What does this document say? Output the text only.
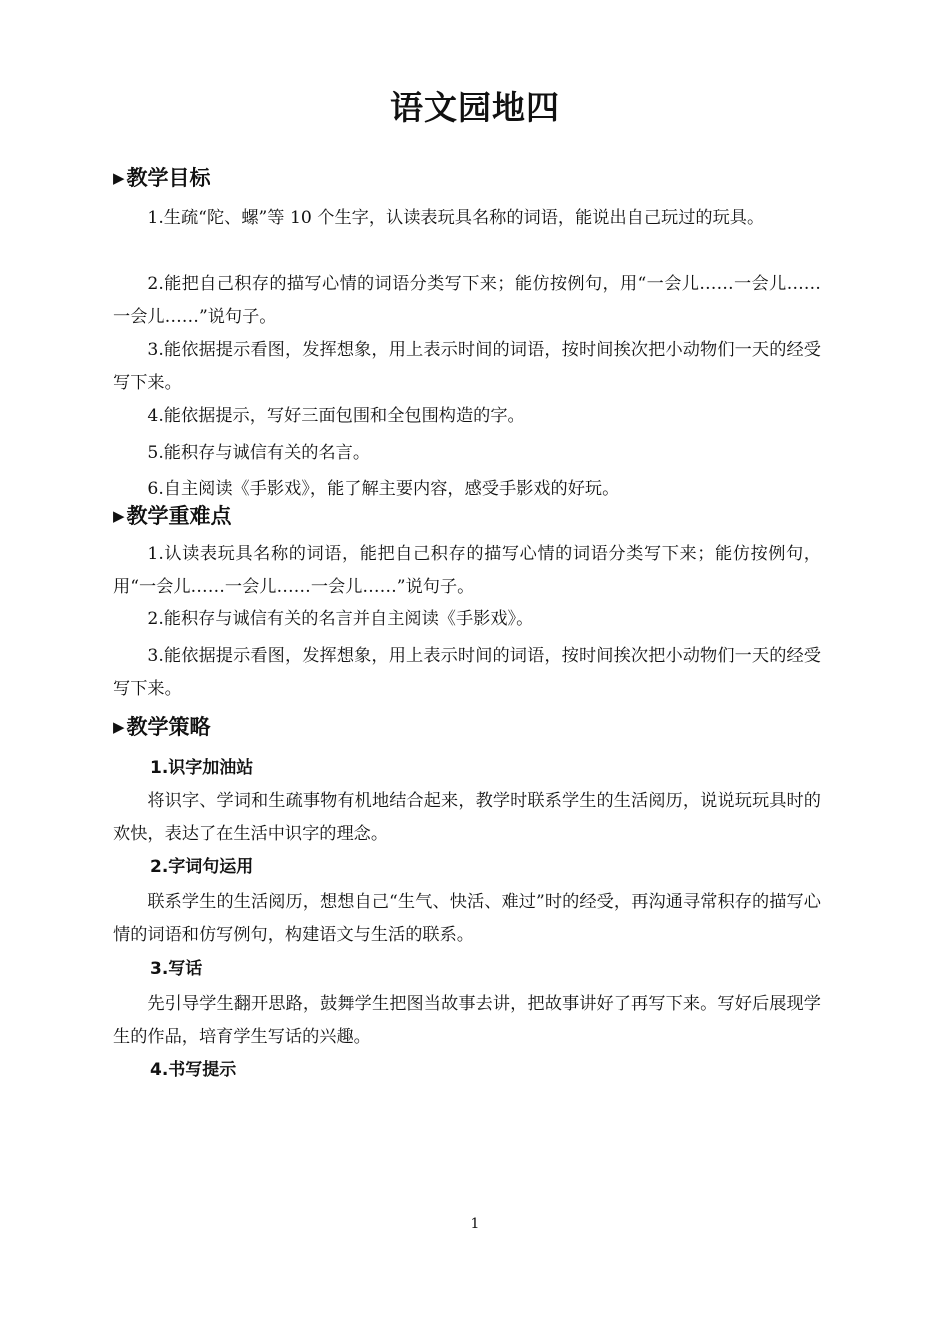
语文园地四
▶ 教学目标

1.生疏“陀、螺”等 10 个生字，认读表玩具名称的词语，能说出自己玩过的玩具。

2.能把自己积存的描写心情的词语分类写下来；能仿按例句，用“一会儿……一会儿……一会儿……”说句子。

3.能依据提示看图，发挥想象，用上表示时间的词语，按时间挨次把小动物们一天的经受写下来。

4.能依据提示，写好三面包围和全包围构造的字。

5.能积存与诚信有关的名言。

6.自主阅读《手影戏》，能了解主要内容，感受手影戏的好玩。

▶ 教学重难点

1.认读表玩具名称的词语，能把自己积存的描写心情的词语分类写下来；能仿按例句，用“一会儿……一会儿……一会儿……”说句子。

2.能积存与诚信有关的名言并自主阅读《手影戏》。

3.能依据提示看图，发挥想象，用上表示时间的词语，按时间挨次把小动物们一天的经受写下来。

▶ 教学策略
1.识字加油站

将识字、学词和生疏事物有机地结合起来，教学时联系学生的生活阅历，说说玩玩具时的欢快，表达了在生活中识字的理念。

2.字词句运用

联系学生的生活阅历，想想自己“生气、快活、难过”时的经受，再沟通寻常积存的描写心情的词语和仿写例句，构建语文与生活的联系。

3.写话

先引导学生翻开思路，鼓舞学生把图当故事去讲，把故事讲好了再写下来。写好后展现学生的作品，培育学生写话的兴趣。

4.书写提示
1
